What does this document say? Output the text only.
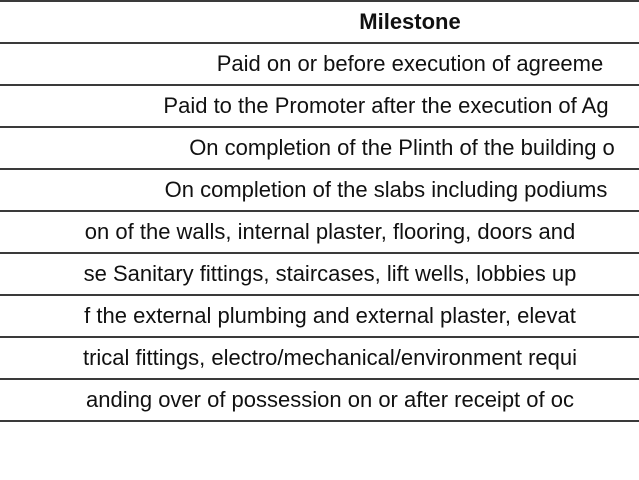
Milestone
Paid on or before execution of agreeme
Paid to the Promoter after the execution of Ag
On completion of the Plinth of the building o
On completion of the slabs including podiums
on of the walls, internal plaster, flooring, doors and
se Sanitary fittings, staircases, lift wells, lobbies up
f the external plumbing and external plaster, elevat
trical fittings, electro/mechanical/environment requi
anding over of possession on or after receipt of oc
